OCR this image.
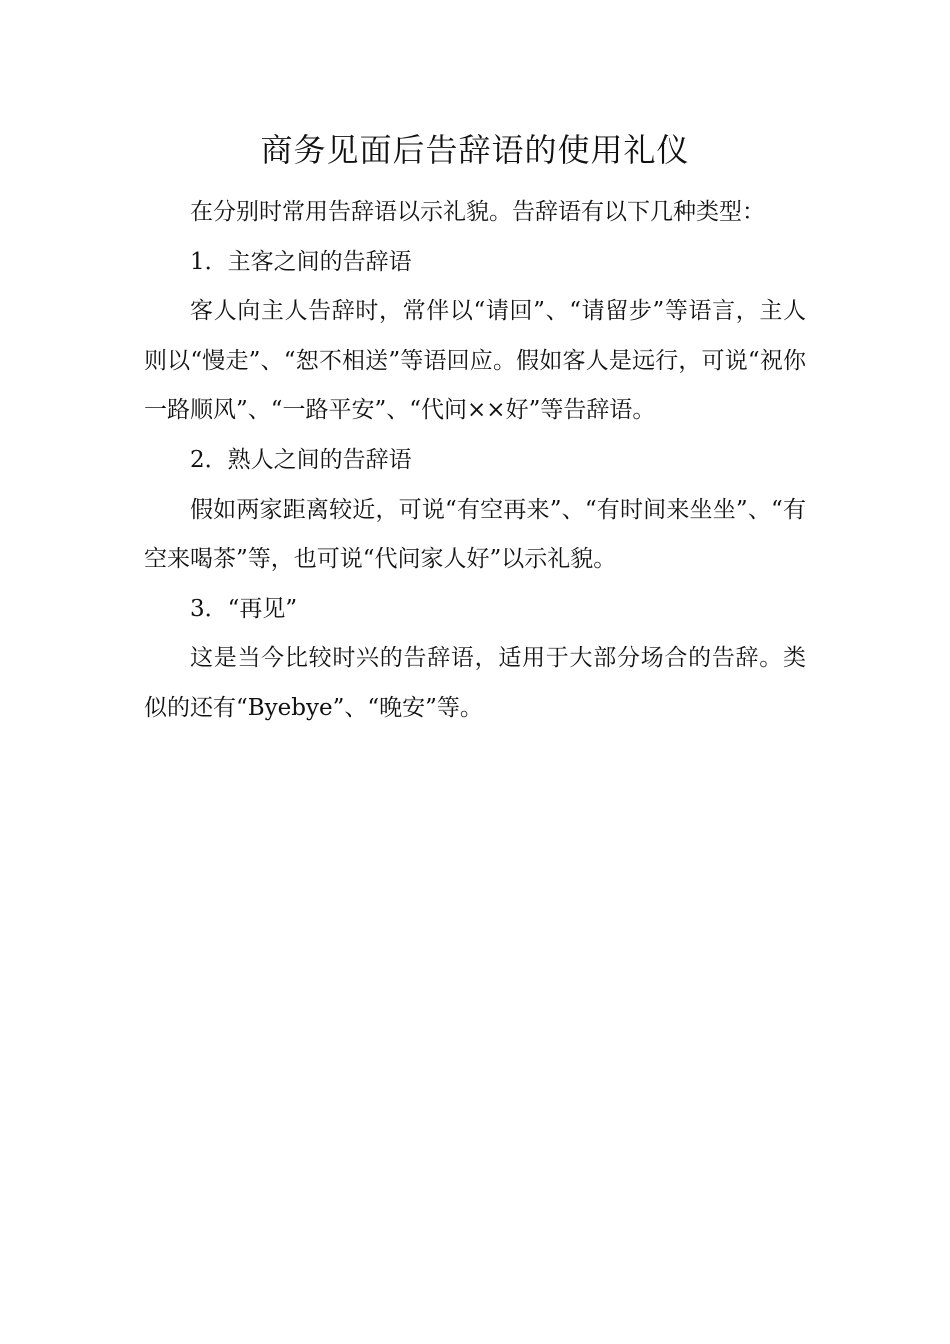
商务见面后告辞语的使用礼仪

在分别时常用告辞语以示礼貌。告辞语有以下几种类型：

1．主客之间的告辞语

客人向主人告辞时，常伴以“请回”、“请留步”等语言，主人则以“慢走”、“恕不相送”等语回应。假如客人是远行，可说“祝你一路顺风”、“一路平安”、“代问××好”等告辞语。

2．熟人之间的告辞语

假如两家距离较近，可说“有空再来”、“有时间来坐坐”、“有空来喝茶”等，也可说“代问家人好”以示礼貌。

3．“再见”

这是当今比较时兴的告辞语，适用于大部分场合的告辞。类似的还有“Byebye”、“晚安”等。
